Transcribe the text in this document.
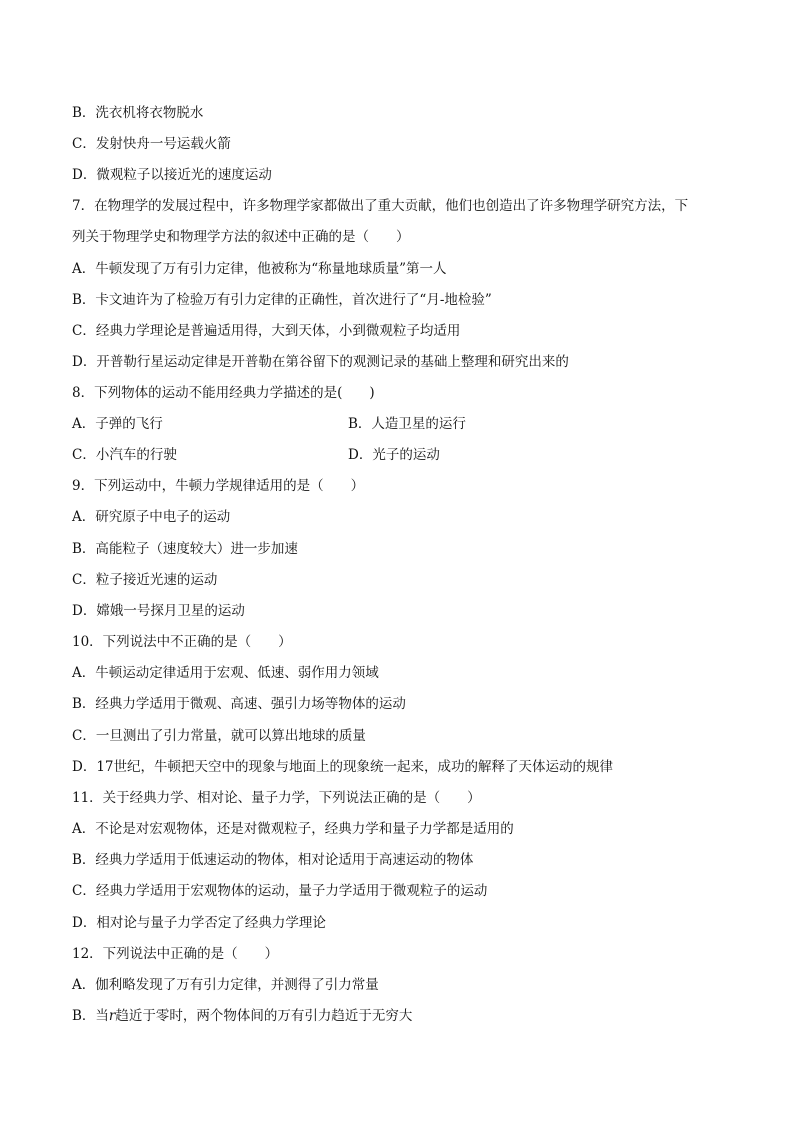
B．洗衣机将衣物脱水
C．发射快舟一号运载火箭
D．微观粒子以接近光的速度运动
7．在物理学的发展过程中，许多物理学家都做出了重大贡献，他们也创造出了许多物理学研究方法，下
列关于物理学史和物理学方法的叙述中正确的是（　　）
A．牛顿发现了万有引力定律，他被称为“称量地球质量”第一人
B．卡文迪许为了检验万有引力定律的正确性，首次进行了“月-地检验”
C．经典力学理论是普遍适用得，大到天体，小到微观粒子均适用
D．开普勒行星运动定律是开普勒在第谷留下的观测记录的基础上整理和研究出来的
8．下列物体的运动不能用经典力学描述的是(　　)
A．子弹的飞行	B．人造卫星的运行
C．小汽车的行驶	D．光子的运动
9．下列运动中，牛顿力学规律适用的是（　　）
A．研究原子中电子的运动
B．高能粒子（速度较大）进一步加速
C．粒子接近光速的运动
D．嫦娥一号探月卫星的运动
10．下列说法中不正确的是（　　）
A．牛顿运动定律适用于宏观、低速、弱作用力领域
B．经典力学适用于微观、高速、强引力场等物体的运动
C．一旦测出了引力常量，就可以算出地球的质量
D．17世纪，牛顿把天空中的现象与地面上的现象统一起来，成功的解释了天体运动的规律
11．关于经典力学、相对论、量子力学，下列说法正确的是（　　）
A．不论是对宏观物体，还是对微观粒子，经典力学和量子力学都是适用的
B．经典力学适用于低速运动的物体，相对论适用于高速运动的物体
C．经典力学适用于宏观物体的运动，量子力学适用于微观粒子的运动
D．相对论与量子力学否定了经典力学理论
12．下列说法中正确的是（　　）
A．伽利略发现了万有引力定律，并测得了引力常量
B．当r趋近于零时，两个物体间的万有引力趋近于无穷大
